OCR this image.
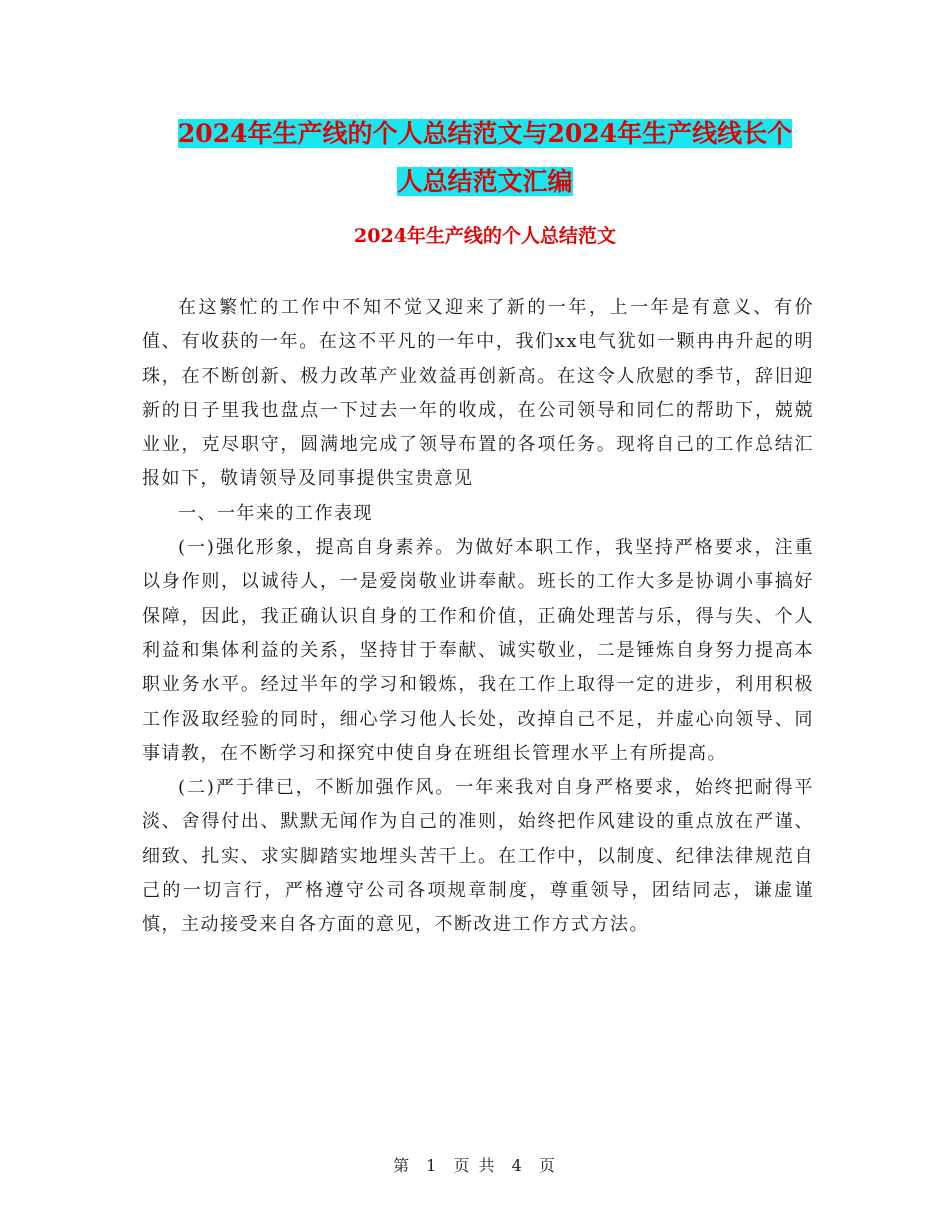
2024年生产线的个人总结范文与2024年生产线线长个
人总结范文汇编
2024年生产线的个人总结范文

在这繁忙的工作中不知不觉又迎来了新的一年，上一年是有意义、有价值、有收获的一年。在这不平凡的一年中，我们xx电气犹如一颗冉冉升起的明珠，在不断创新、极力改革产业效益再创新高。在这令人欣慰的季节，辞旧迎新的日子里我也盘点一下过去一年的收成，在公司领导和同仁的帮助下，兢兢业业，克尽职守，圆满地完成了领导布置的各项任务。现将自己的工作总结汇报如下，敬请领导及同事提供宝贵意见

一、一年来的工作表现

(一)强化形象，提高自身素养。为做好本职工作，我坚持严格要求，注重以身作则，以诚待人，一是爱岗敬业讲奉献。班长的工作大多是协调小事搞好保障，因此，我正确认识自身的工作和价值，正确处理苦与乐，得与失、个人利益和集体利益的关系，坚持甘于奉献、诚实敬业，二是锤炼自身努力提高本职业务水平。经过半年的学习和锻炼，我在工作上取得一定的进步，利用积极工作汲取经验的同时，细心学习他人长处，改掉自己不足，并虚心向领导、同事请教，在不断学习和探究中使自身在班组长管理水平上有所提高。

(二)严于律已，不断加强作风。一年来我对自身严格要求，始终把耐得平淡、舍得付出、默默无闻作为自己的准则，始终把作风建设的重点放在严谨、细致、扎实、求实脚踏实地埋头苦干上。在工作中，以制度、纪律法律规范自己的一切言行，严格遵守公司各项规章制度，尊重领导，团结同志，谦虚谨慎，主动接受来自各方面的意见，不断改进工作方式方法。

第 1 页 共 4 页
